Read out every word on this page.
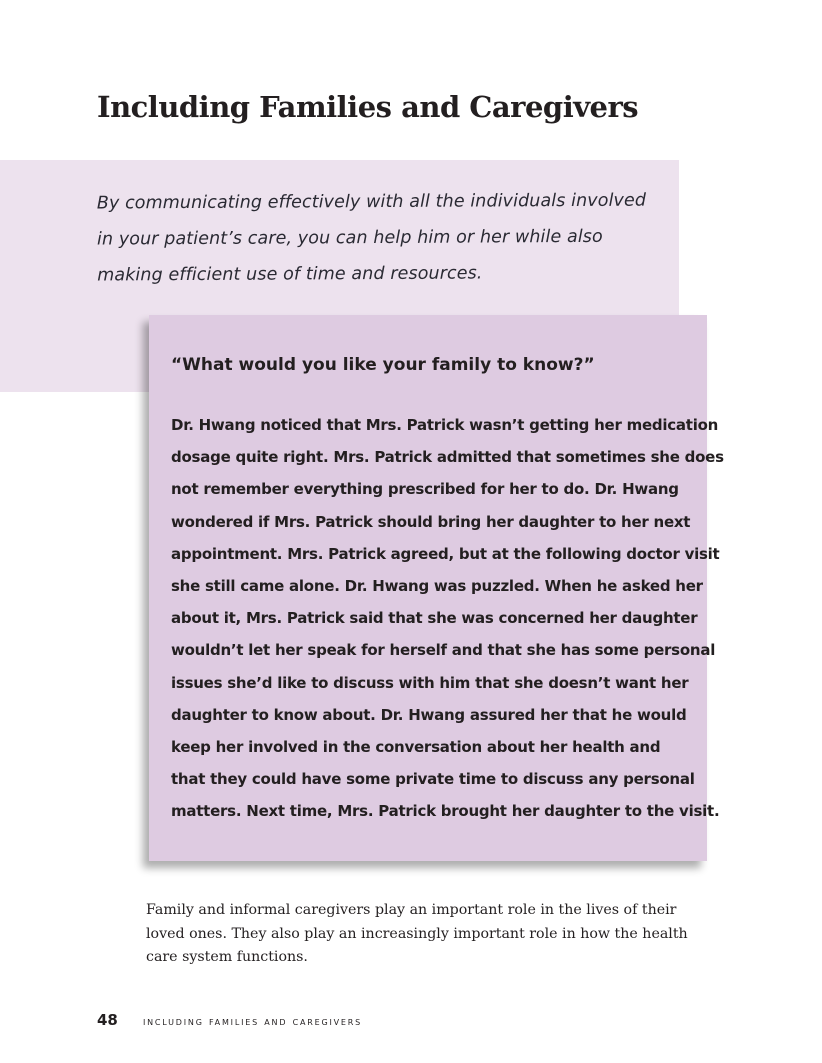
Including Families and Caregivers

By communicating effectively with all the individuals involved
in your patient’s care, you can help him or her while also
making efficient use of time and resources.

“What would you like your family to know?”

Dr. Hwang noticed that Mrs. Patrick wasn’t getting her medication
dosage quite right. Mrs. Patrick admitted that sometimes she does
not remember everything prescribed for her to do. Dr. Hwang
wondered if Mrs. Patrick should bring her daughter to her next
appointment. Mrs. Patrick agreed, but at the following doctor visit
she still came alone. Dr. Hwang was puzzled. When he asked her
about it, Mrs. Patrick said that she was concerned her daughter
wouldn’t let her speak for herself and that she has some personal
issues she’d like to discuss with him that she doesn’t want her
daughter to know about. Dr. Hwang assured her that he would
keep her involved in the conversation about her health and
that they could have some private time to discuss any personal
matters. Next time, Mrs. Patrick brought her daughter to the visit.

Family and informal caregivers play an important role in the lives of their loved ones. They also play an increasingly important role in how the health care system functions.

48 including families and caregivers
